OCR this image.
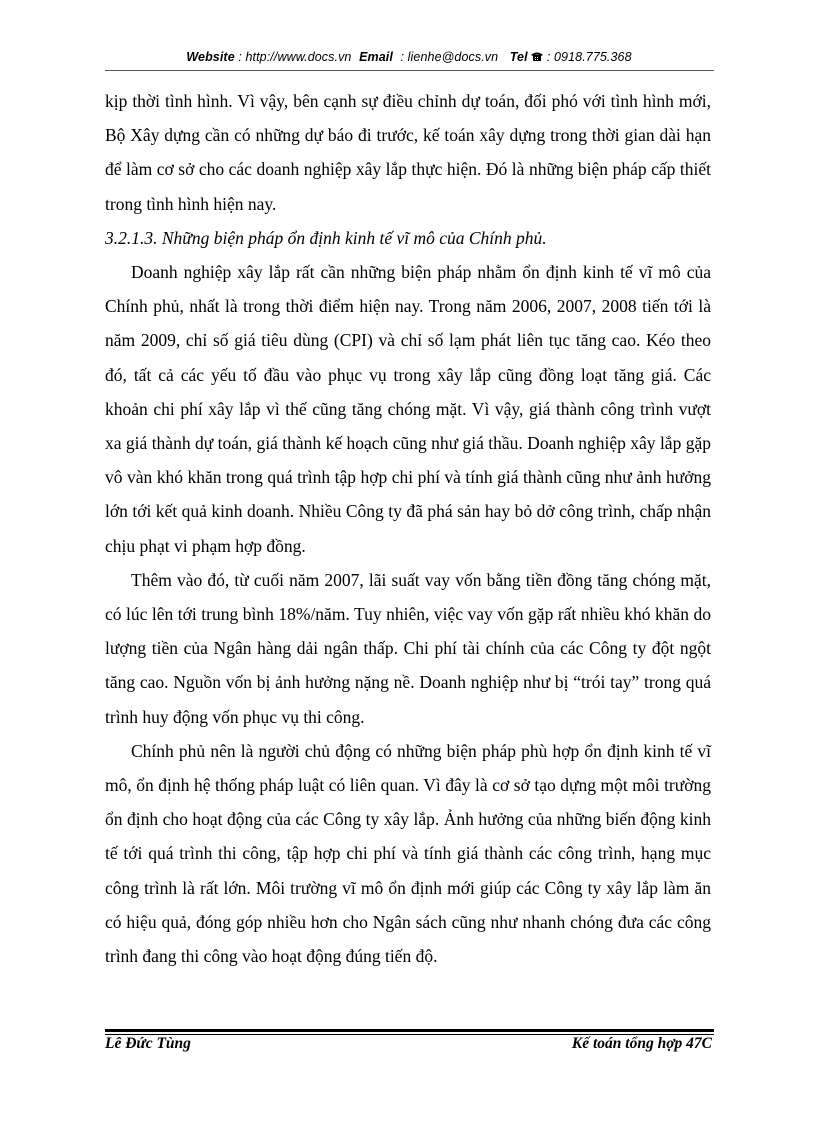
Website : http://www.docs.vn Email : lienhe@docs.vn Tel : 0918.775.368

kịp thời tình hình. Vì vậy, bên cạnh sự điều chỉnh dự toán, đối phó với tình hình mới, Bộ Xây dựng cần có những dự báo đi trước, kế toán xây dựng trong thời gian dài hạn để làm cơ sở cho các doanh nghiệp xây lắp thực hiện. Đó là những biện pháp cấp thiết trong tình hình hiện nay.

3.2.1.3. Những biện pháp ổn định kinh tế vĩ mô của Chính phủ.

Doanh nghiệp xây lắp rất cần những biện pháp nhằm ổn định kinh tế vĩ mô của Chính phủ, nhất là trong thời điểm hiện nay. Trong năm 2006, 2007, 2008 tiến tới là năm 2009, chỉ số giá tiêu dùng (CPI) và chỉ số lạm phát liên tục tăng cao. Kéo theo đó, tất cả các yếu tố đầu vào phục vụ trong xây lắp cũng đồng loạt tăng giá. Các khoản chi phí xây lắp vì thế cũng tăng chóng mặt. Vì vậy, giá thành công trình vượt xa giá thành dự toán, giá thành kế hoạch cũng như giá thầu. Doanh nghiệp xây lắp gặp vô vàn khó khăn trong quá trình tập hợp chi phí và tính giá thành cũng như ảnh hưởng lớn tới kết quả kinh doanh. Nhiều Công ty đã phá sản hay bỏ dở công trình, chấp nhận chịu phạt vi phạm hợp đồng.

Thêm vào đó, từ cuối năm 2007, lãi suất vay vốn bằng tiền đồng tăng chóng mặt, có lúc lên tới trung bình 18%/năm. Tuy nhiên, việc vay vốn gặp rất nhiều khó khăn do lượng tiền của Ngân hàng dải ngân thấp. Chi phí tài chính của các Công ty đột ngột tăng cao. Nguồn vốn bị ảnh hưởng nặng nề. Doanh nghiệp như bị “trói tay” trong quá trình huy động vốn phục vụ thi công.

Chính phủ nên là người chủ động có những biện pháp phù hợp ổn định kinh tế vĩ mô, ổn định hệ thống pháp luật có liên quan. Vì đây là cơ sở tạo dựng một môi trường ổn định cho hoạt động của các Công ty xây lắp. Ảnh hưởng của những biến động kinh tế tới quá trình thi công, tập hợp chi phí và tính giá thành các công trình, hạng mục công trình là rất lớn. Môi trường vĩ mô ổn định mới giúp các Công ty xây lắp làm ăn có hiệu quả, đóng góp nhiều hơn cho Ngân sách cũng như nhanh chóng đưa các công trình đang thi công vào hoạt động đúng tiến độ.

Lê Đức Tùng	Kế toán tổng hợp 47C
